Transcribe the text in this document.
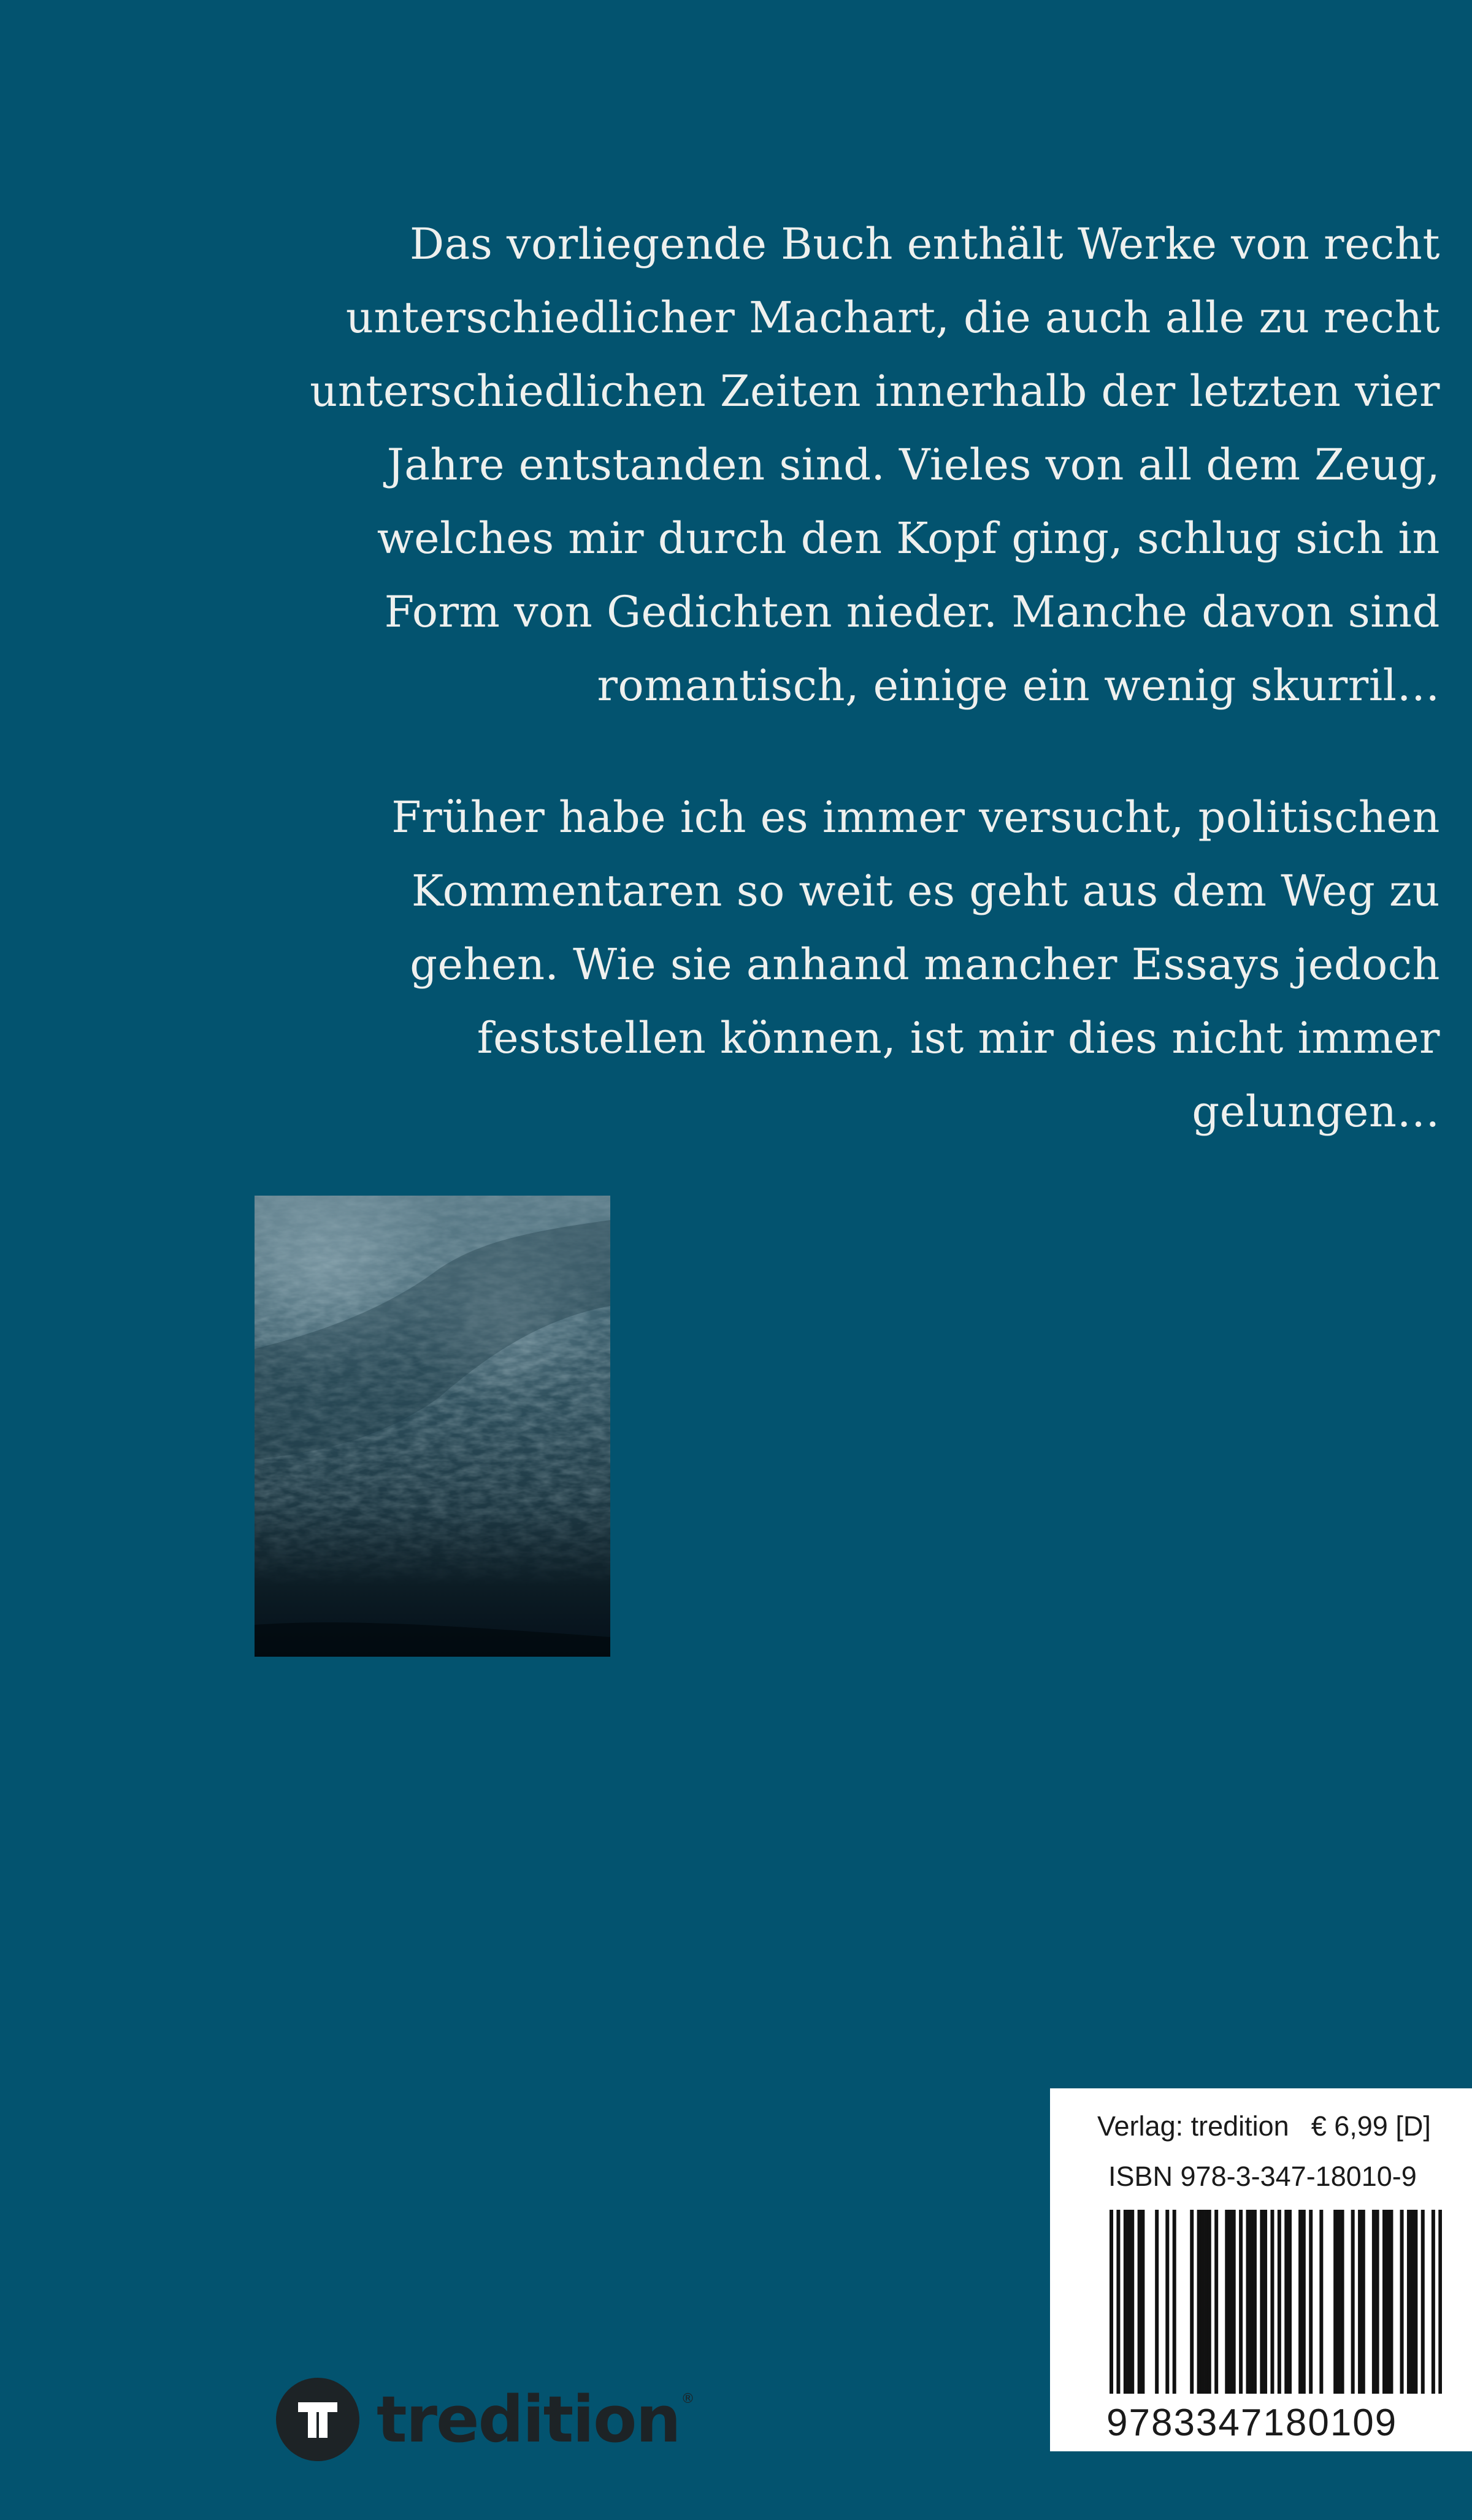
Das vorliegende Buch enthält Werke von recht
unterschiedlicher Machart, die auch alle zu recht
unterschiedlichen Zeiten innerhalb der letzten vier
Jahre entstanden sind. Vieles von all dem Zeug,
welches mir durch den Kopf ging, schlug sich in
Form von Gedichten nieder. Manche davon sind
romantisch, einige ein wenig skurril…
Früher habe ich es immer versucht, politischen
Kommentaren so weit es geht aus dem Weg zu
gehen. Wie sie anhand mancher Essays jedoch
feststellen können, ist mir dies nicht immer
gelungen…
Verlag: tredition € 6,99 [D]
ISBN 978-3-347-18010-9
9783347180109
tredition ®
